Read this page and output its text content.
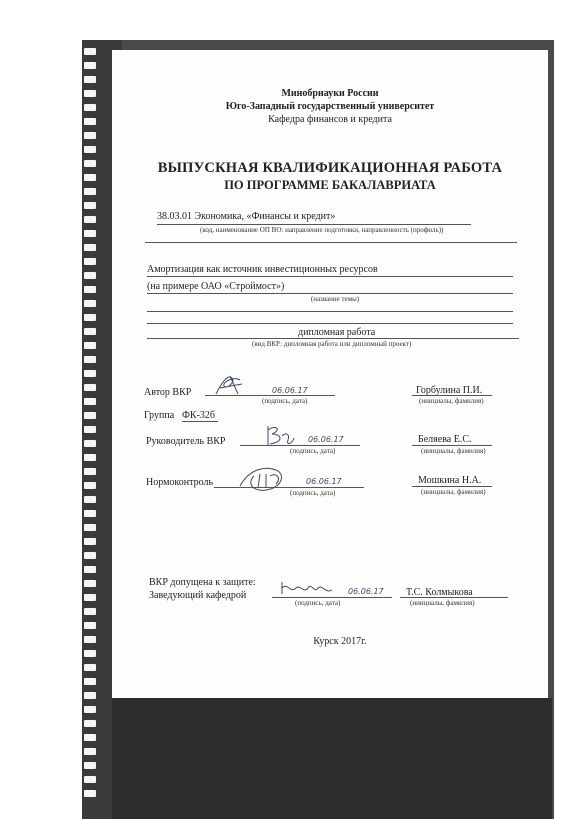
Минобрнауки России
Юго-Западный государственный университет
Кафедра финансов и кредита
ВЫПУСКНАЯ КВАЛИФИКАЦИОННАЯ РАБОТА
ПО ПРОГРАММЕ БАКАЛАВРИАТА
38.03.01 Экономика, «Финансы и кредит»
(код, наименование ОП ВО: направление подготовки, направленность (профиль))
Амортизация как источник инвестиционных ресурсов
(на примере ОАО «Строймост»)
(название темы)
дипломная работа
(вид ВКР: дипломная работа или дипломный проект)
Автор ВКР	06.06.17
(подпись, дата)
Горбулина П.И.
(инициалы, фамилия)
Группа ФК-32б
Руководитель ВКР	06.06.17
(подпись, дата)
Беляева Е.С.
(инициалы, фамилия)
Нормоконтроль	06.06.17
(подпись, дата)
Мошкина Н.А.
(инициалы, фамилия)
ВКР допущена к защите:
Заведующий кафедрой	06.06.17
(подпись, дата)
Т.С. Колмыкова
(инициалы, фамилия)
Курск 2017г.
